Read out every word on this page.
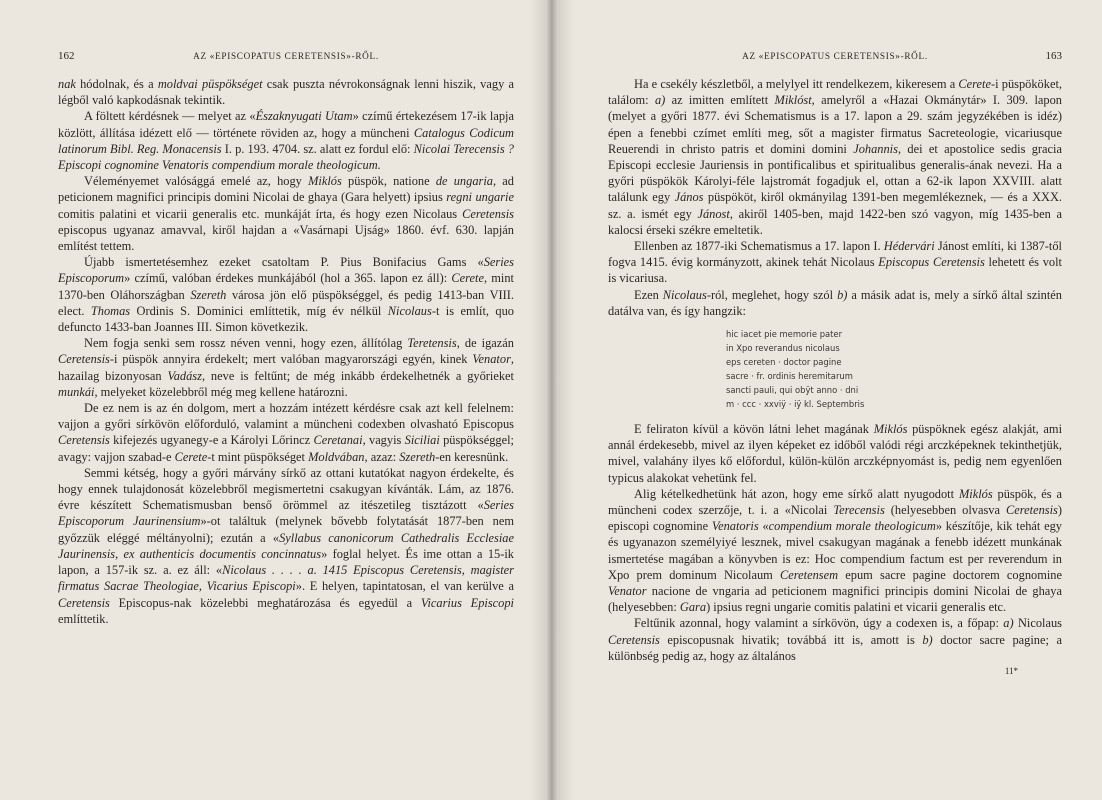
162	AZ «EPISCOPATUS CERETENSIS»-RŐL.

nak hódolnak, és a moldvai püspökséget csak puszta névrokonságnak lenni hiszik, vagy a légből való kapkodásnak tekintik.

A föltett kérdésnek — melyet az «Északnyugati Utam» czímű értekezésem 17-ik lapja közlött, állítása idézett elő — története röviden az, hogy a müncheni Catalogus Codicum latinorum Bibl. Reg. Monacensis I. p. 193. 4704. sz. alatt ez fordul elő: Nicolai Terecensis ? Episcopi cognomine Venatoris compendium morale theologicum.

Véleményemet valósággá emelé az, hogy Miklós püspök, natione de ungaria, ad peticionem magnifici principis domini Nicolai de ghaya (Gara helyett) ipsius regni ungarie comitis palatini et vicarii generalis etc. munkáját írta, és hogy ezen Nicolaus Ceretensis episcopus ugyanaz amavval, kiről hajdan a «Vasárnapi Ujság» 1860. évf. 630. lapján említést tettem.

Újabb ismertetésemhez ezeket csatoltam P. Pius Bonifacius Gams «Series Episcoporum» czímű, valóban érdekes munkájából (hol a 365. lapon ez áll): Cerete, mint 1370-ben Oláhországban Szereth városa jön elő püspökséggel, és pedig 1413-ban VIII. elect. Thomas Ordinis S. Dominici említtetik, míg év nélkül Nicolaus-t is említ, quo defuncto 1433-ban Joannes III. Simon következik.

Nem fogja senki sem rossz néven venni, hogy ezen, állítólag Teretensis, de igazán Ceretensis-i püspök annyira érdekelt; mert valóban magyarországi egyén, kinek Venator, hazailag bizonyosan Vadász, neve is feltűnt; de még inkább érdekelhetnék a győrieket munkái, melyeket közelebbről még meg kellene határozni.

De ez nem is az én dolgom, mert a hozzám intézett kérdésre csak azt kell felelnem: vajjon a győri sírkövön előforduló, valamint a müncheni codexben olvasható Episcopus Ceretensis kifejezés ugyanegy-e a Károlyi Lőrincz Ceretanai, vagyis Siciliai püspökséggel; avagy: vajjon szabad-e Cerete-t mint püspökséget Moldvában, azaz: Szereth-en keresnünk.

Semmi kétség, hogy a győri márvány sírkő az ottani kutatókat nagyon érdekelte, és hogy ennek tulajdonosát közelebbről megismertetni csakugyan kívánták. Lám, az 1876. évre készített Schematismusban benső örömmel az itészetileg tisztázott «Series Episcoporum Jaurinensium»-ot találtuk (melynek bővebb folytatását 1877-ben nem győzzük eléggé méltányolni); ezután a «Syllabus canonicorum Cathedralis Ecclesiae Jaurinensis, ex authenticis documentis concinnatus» foglal helyet. És ime ottan a 15-ik lapon, a 157-ik sz. a. ez áll: «Nicolaus . . . . a. 1415 Episcopus Ceretensis, magister firmatus Sacrae Theologiae, Vicarius Episcopi». E helyen, tapintatosan, el van kerülve a Ceretensis Episcopus-nak közelebbi meghatározása és egyedül a Vicarius Episcopi említtetik.

AZ «EPISCOPATUS CERETENSIS»-RŐL.	163

Ha e csekély készletből, a melylyel itt rendelkezem, kikeresem a Cerete-i püspököket, találom: a) az imitten említett Miklóst, amelyről a «Hazai Okmánytár» I. 309. lapon (melyet a győri 1877. évi Schematismus is a 17. lapon a 29. szám jegyzékében is idéz) épen a fenebbi czímet említi meg, sőt a magister firmatus Sacreteologie, vicariusque Reuerendi in christo patris et domini domini Johannis, dei et apostolice sedis gracia Episcopi ecclesie Jauriensis in pontificalibus et spiritualibus generalis-ának nevezi. Ha a győri püspökök Károlyi-féle lajstromát fogadjuk el, ottan a 62-ik lapon XXVIII. alatt találunk egy János püspököt, kiről okmányilag 1391-ben megemlékeznek, — és a XXX. sz. a. ismét egy Jánost, akiről 1405-ben, majd 1422-ben szó vagyon, míg 1435-ben a kalocsi érseki székre emeltetik.

Ellenben az 1877-iki Schematismus a 17. lapon I. Hédervári Jánost említi, ki 1387-től fogva 1415. évig kormányzott, akinek tehát Nicolaus Episcopus Ceretensis lehetett és volt is vicariusa.

Ezen Nicolaus-ról, meglehet, hogy szól b) a másik adat is, mely a sírkő által szintén datálva van, és így hangzik:

hic iacet pie memorie pater
in Xpo reverandus nicolaus
eps cereten · doctor pagine
sacre · fr. ordinis heremitarum
sancti pauli, qui obÿt anno · dni
m · ccc · xxviÿ · iÿ kl. Septembris

E feliraton kívül a kövön látni lehet magának Miklós püspöknek egész alakját, ami annál érdekesebb, mivel az ilyen képeket ez időből valódi régi arczképeknek tekinthetjük, mivel, valahány ilyes kő előfordul, külön-külön arczképnyomást is, pedig nem egyenlően typicus alakokat vehetünk fel.

Alig kételkedhetünk hát azon, hogy eme sírkő alatt nyugodott Miklós püspök, és a müncheni codex szerzője, t. i. a «Nicolai Terecensis (helyesebben olvasva Ceretensis) episcopi cognomine Venatoris «compendium morale theologicum» készítője, kik tehát egy és ugyanazon személyiyé lesznek, mivel csakugyan magának a fenebb idézett munkának ismertetése magában a könyvben is ez: Hoc compendium factum est per reverendum in Xpo prem dominum Nicolaum Ceretensem epum sacre pagine doctorem cognomine Venator nacione de vngaria ad peticionem magnifici principis domini Nicolai de ghaya (helyesebben: Gara) ipsius regni ungarie comitis palatini et vicarii generalis etc.

Feltűnik azonnal, hogy valamint a sírkövön, úgy a codexen is, a főpap: a) Nicolaus Ceretensis episcopusnak hivatik; továbbá itt is, amott is b) doctor sacre pagine; a különbség pedig az, hogy az általános

11*
